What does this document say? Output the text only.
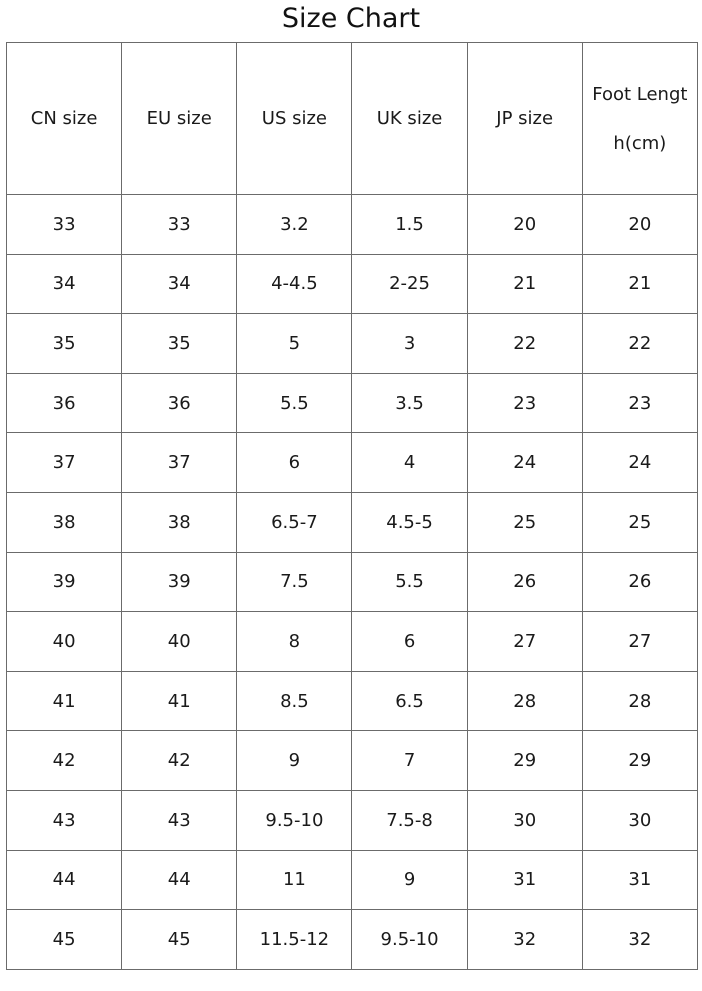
Size Chart
CN size	EU size	US size	UK size	JP size	Foot Length(cm)
33	33	3.2	1.5	20	20
34	34	4-4.5	2-25	21	21
35	35	5	3	22	22
36	36	5.5	3.5	23	23
37	37	6	4	24	24
38	38	6.5-7	4.5-5	25	25
39	39	7.5	5.5	26	26
40	40	8	6	27	27
41	41	8.5	6.5	28	28
42	42	9	7	29	29
43	43	9.5-10	7.5-8	30	30
44	44	11	9	31	31
45	45	11.5-12	9.5-10	32	32
